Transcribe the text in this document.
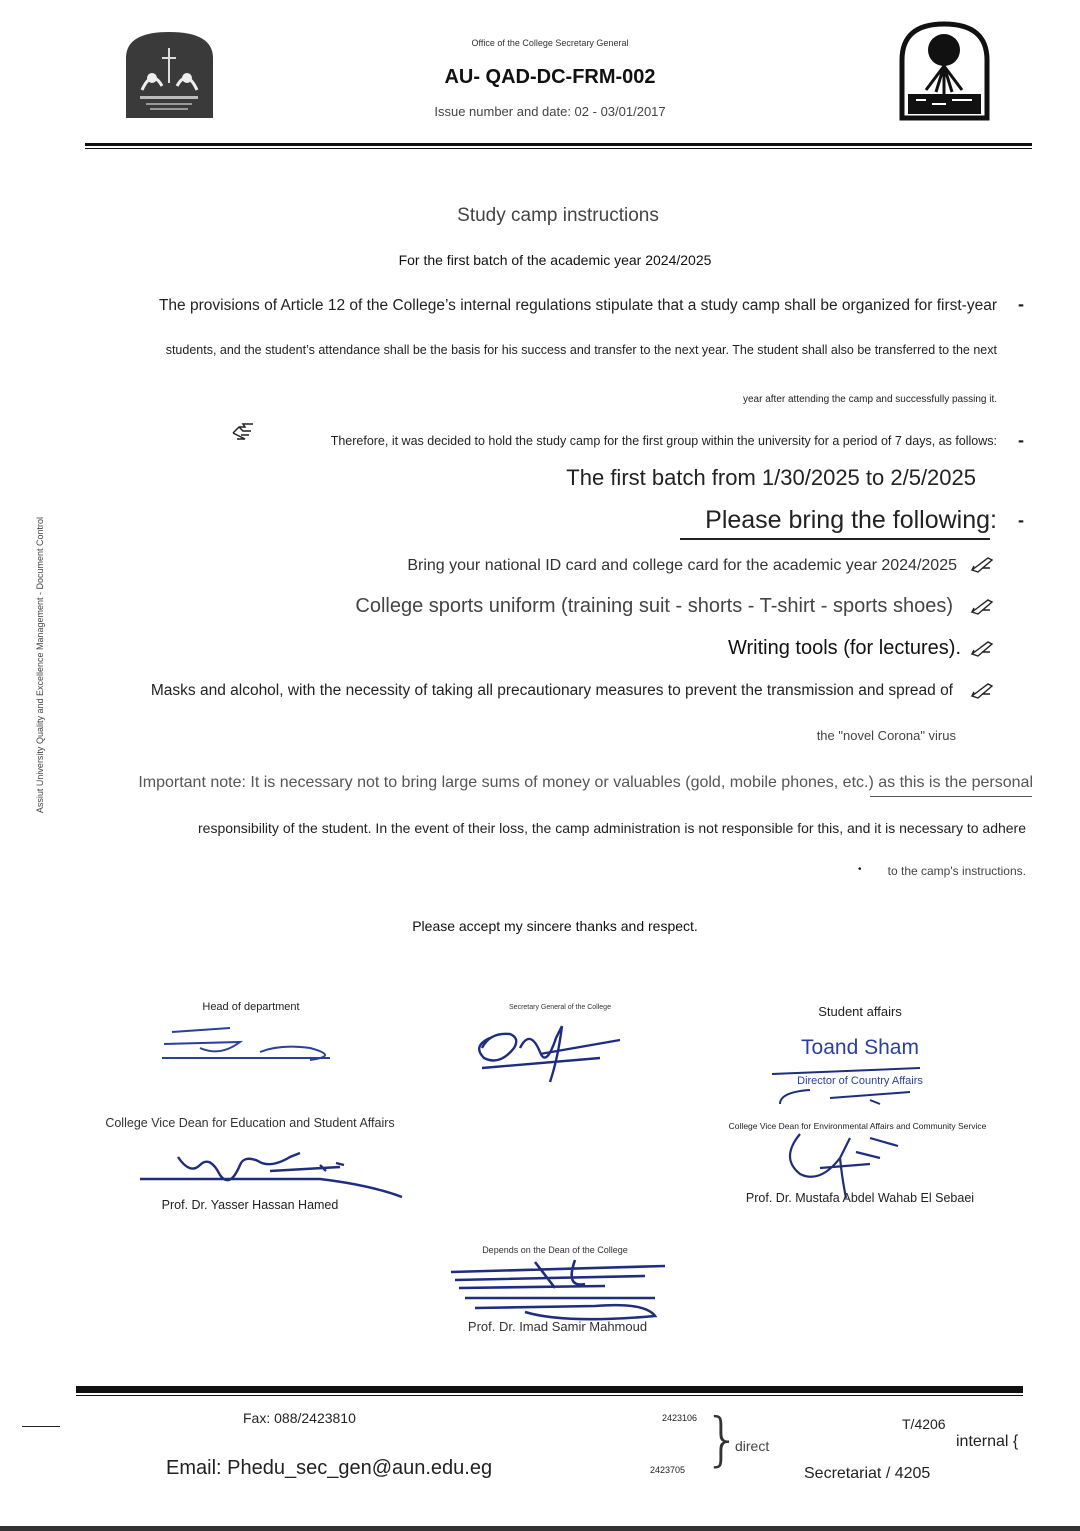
Office of the College Secretary General
AU- QAD-DC-FRM-002
Issue number and date: 02 - 03/01/2017
Assiut University Quality and Excellence Management - Document Control
Study camp instructions
For the first batch of the academic year 2024/2025
The provisions of Article 12 of the College’s internal regulations stipulate that a study camp shall be organized for first-year -
students, and the student’s attendance shall be the basis for his success and transfer to the next year. The student shall also be transferred to the next
year after attending the camp and successfully passing it.
Therefore, it was decided to hold the study camp for the first group within the university for a period of 7 days, as follows: -
The first batch from 1/30/2025 to 2/5/2025
Please bring the following: -
Bring your national ID card and college card for the academic year 2024/2025
College sports uniform (training suit - shorts - T-shirt - sports shoes)
Writing tools (for lectures).
Masks and alcohol, with the necessity of taking all precautionary measures to prevent the transmission and spread of
the "novel Corona" virus
Important note: It is necessary not to bring large sums of money or valuables (gold, mobile phones, etc.) as this is the personal
responsibility of the student. In the event of their loss, the camp administration is not responsible for this, and it is necessary to adhere
•	to the camp's instructions.
Please accept my sincere thanks and respect.
Head of department	Secretary General of the College	Student affairs
Toand Sham
Director of Country Affairs
College Vice Dean for Education and Student Affairs
Prof. Dr. Yasser Hassan Hamed
College Vice Dean for Environmental Affairs and Community Service
Prof. Dr. Mustafa Abdel Wahab El Sebaei
Depends on the Dean of the College
Prof. Dr. Imad Samir Mahmoud
Fax: 088/2423810
Email: Phedu_sec_gen@aun.edu.eg
2423106
2423705 }
direct
T/4206
internal {
Secretariat / 4205
